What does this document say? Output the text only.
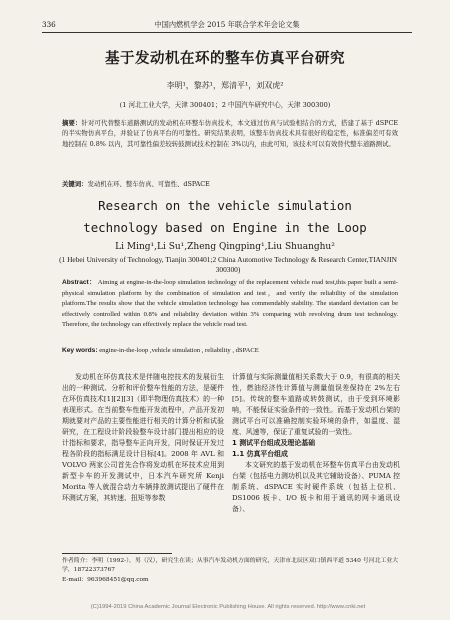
336	中国内燃机学会 2015 年联合学术年会论文集
基于发动机在环的整车仿真平台研究
李明¹，黎苏¹，郑清平¹，刘双虎²
(1 河北工业大学，天津 300401；2 中国汽车研究中心，天津 300300)
摘要：针对可代替整车道路测试的发动机在环整车仿真技术，本文通过仿真与试验相结合的方式，搭建了基于 dSPCE 的半实物仿真平台，并验证了仿真平台的可靠性。研究结果表明，该整车仿真技术具有很好的稳定性，标准偏差可有效地控制在 0.8% 以内，其可靠性偏差较转鼓测试技术控制在 3%以内，由此可知，该技术可以有效替代整车道路测试。
关键词：发动机在环、整车仿真、可靠性、dSPACE
Research on the vehicle simulation
technology based on Engine in the Loop
Li Ming¹,Li Su¹,Zheng Qingping¹,Liu Shuanghu²
(1 Hebei University of Technology, Tianjin 300401;2 China Automotive Technology & Research Center,TIANJIN 300300)
Abstract： Aiming at engine-in-the-loop simulation technology of the replacement vehicle road test,this paper built a semi-physical simulation platform by the combination of simulation and test，and verify the reliability of the simulation platform.The results show that the vehicle simulation technology has commendably stability. The standard deviation can be effectively controlled within 0.8% and reliability deviation within 3% comparing with revolving drum test technology. Therefore, the technology can effectively replace the vehicle road test.
Key words: engine-in-the-loop ,vehicle simulation , reliability , dSPACE

发动机在环仿真技术是伴随电控技术的发展衍生出的一种测试、分析和评价整车性能的方法，是硬件在环仿真技术[1][2][3]（即半物理仿真技术）的一种表现形式。在当前整车性能开发流程中，产品开发初期就要对产品的主要性能进行相关的计算分析和试验研究，在工程设计阶段验整车设计部门提出相应的设计指标和要求，指导整车正向开发，同时保证开发过程各阶段的指标满足设计目标[4]。2008 年 AVL 和 VOLVO 两家公司首先合作将发动机在环技术应用到新型卡车的开发测试中，日本汽车研究所 Kenji Morita 等人就混合动力车辆排放测试提出了硬件在环测试方案，其转速、扭矩等参数

计算值与实际测量值相关系数大于 0.9，有很高的相关性，燃油经济性计算值与测量值误差保持在 2%左右[5]。传统的整车道路或转鼓测试，由于受到环境影响，不能保证实验条件的一致性。而基于发动机台架的测试平台可以准确控制实验环境的条件，如温度、湿度、风速等，保证了重复试验的一致性。

1 测试平台组成及理论基础
1.1 仿真平台组成

本文研究的基于发动机在环整车仿真平台由发动机台架（包括电力测功机以及其它辅助设备）、PUMA 控制系统、dSPACE 实时硬件系统（包括上位机、DS1006 板卡、I/O 板卡和用于通讯的网卡通讯设备）、

作者简介：李明（1992-），男（汉），研究生在读；从事汽车发动机方面的研究，天津市北辰区双口镇西平道 5340 号河北工业大学，18722373767
E-mail：963968451@qq.com
(C)1994-2019 China Academic Journal Electronic Publishing House. All rights reserved. http://www.cnki.net
